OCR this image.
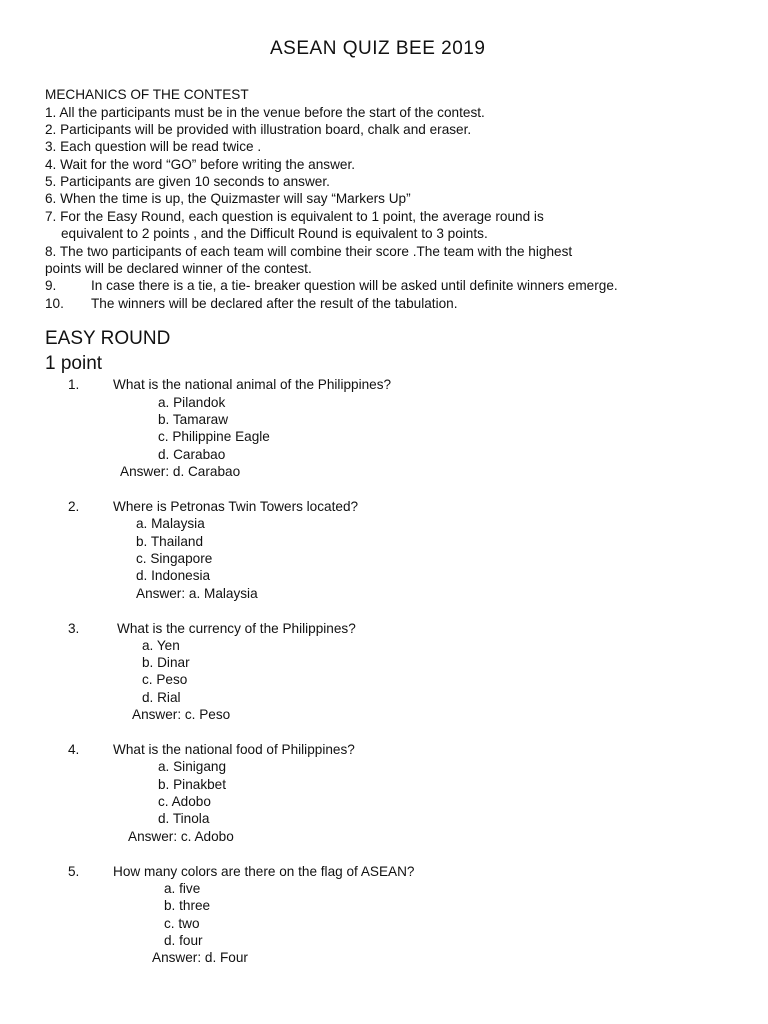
ASEAN QUIZ BEE 2019
MECHANICS OF THE CONTEST
1. All the participants must be in the venue before the start of the contest.
2. Participants will be provided with illustration board, chalk and eraser.
3. Each question will be read twice .
4. Wait for the word “GO” before writing the answer.
5. Participants are given 10 seconds to answer.
6. When the time is up, the Quizmaster will say “Markers Up”
7. For the Easy Round, each question is equivalent to 1 point, the average round is
equivalent to 2 points , and the Difficult Round is equivalent to 3 points.
8. The two participants of each team will combine their score .The team with the highest
points will be declared winner of the contest.
9.	In case there is a tie, a tie- breaker question will be asked until definite winners emerge.
10. The winners will be declared after the result of the tabulation.
EASY ROUND
1 point
1. What is the national animal of the Philippines?
a. Pilandok
b. Tamaraw
c. Philippine Eagle
d. Carabao
Answer: d. Carabao
2. Where is Petronas Twin Towers located?
a. Malaysia
b. Thailand
c. Singapore
d. Indonesia
Answer: a. Malaysia
3.	What is the currency of the Philippines?
a. Yen
b. Dinar
c. Peso
d. Rial
Answer: c. Peso
4. What is the national food of Philippines?
a. Sinigang
b. Pinakbet
c. Adobo
d. Tinola
Answer: c. Adobo
5. How many colors are there on the flag of ASEAN?
a. five
b. three
c. two
d. four
Answer: d. Four
